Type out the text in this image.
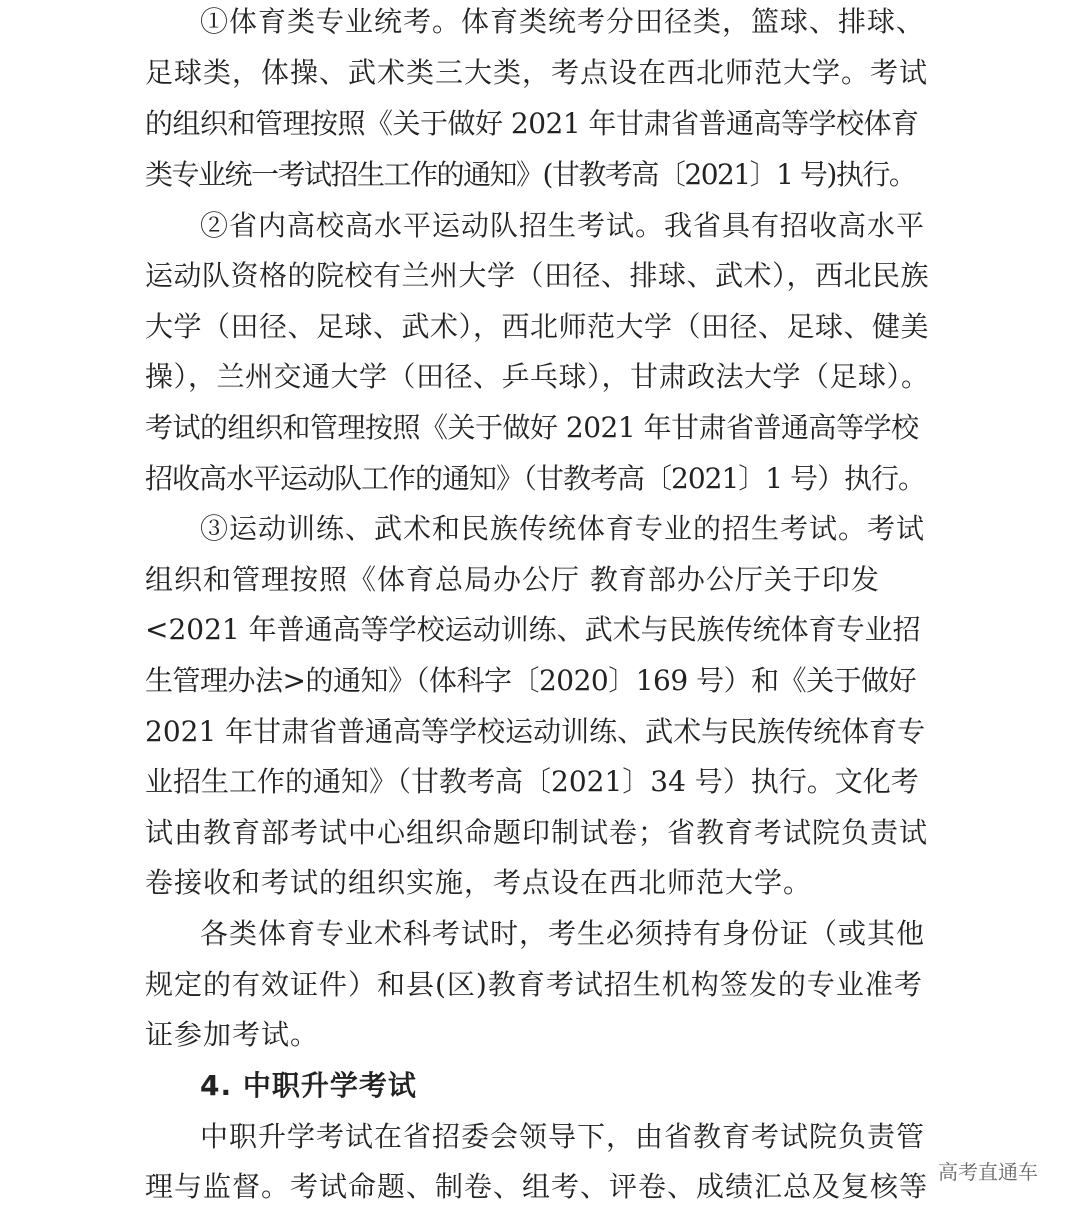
①体育类专业统考。体育类统考分田径类，篮球、排球、
足球类，体操、武术类三大类，考点设在西北师范大学。考试
的组织和管理按照《关于做好 2021 年甘肃省普通高等学校体育
类专业统一考试招生工作的通知》(甘教考高〔2021〕1 号)执行。
②省内高校高水平运动队招生考试。我省具有招收高水平
运动队资格的院校有兰州大学（田径、排球、武术），西北民族
大学（田径、足球、武术），西北师范大学（田径、足球、健美
操），兰州交通大学（田径、乒乓球），甘肃政法大学（足球）。
考试的组织和管理按照《关于做好 2021 年甘肃省普通高等学校
招收高水平运动队工作的通知》（甘教考高〔2021〕1 号）执行。
③运动训练、武术和民族传统体育专业的招生考试。考试
组织和管理按照《体育总局办公厅 教育部办公厅关于印发
<2021 年普通高等学校运动训练、武术与民族传统体育专业招
生管理办法>的通知》（体科字〔2020〕169 号）和《关于做好
2021 年甘肃省普通高等学校运动训练、武术与民族传统体育专
业招生工作的通知》（甘教考高〔2021〕34 号）执行。文化考
试由教育部考试中心组织命题印制试卷；省教育考试院负责试
卷接收和考试的组织实施，考点设在西北师范大学。
各类体育专业术科考试时，考生必须持有身份证（或其他
规定的有效证件）和县(区)教育考试招生机构签发的专业准考
证参加考试。
4. 中职升学考试
中职升学考试在省招委会领导下，由省教育考试院负责管
理与监督。考试命题、制卷、组考、评卷、成绩汇总及复核等 高考直通车
